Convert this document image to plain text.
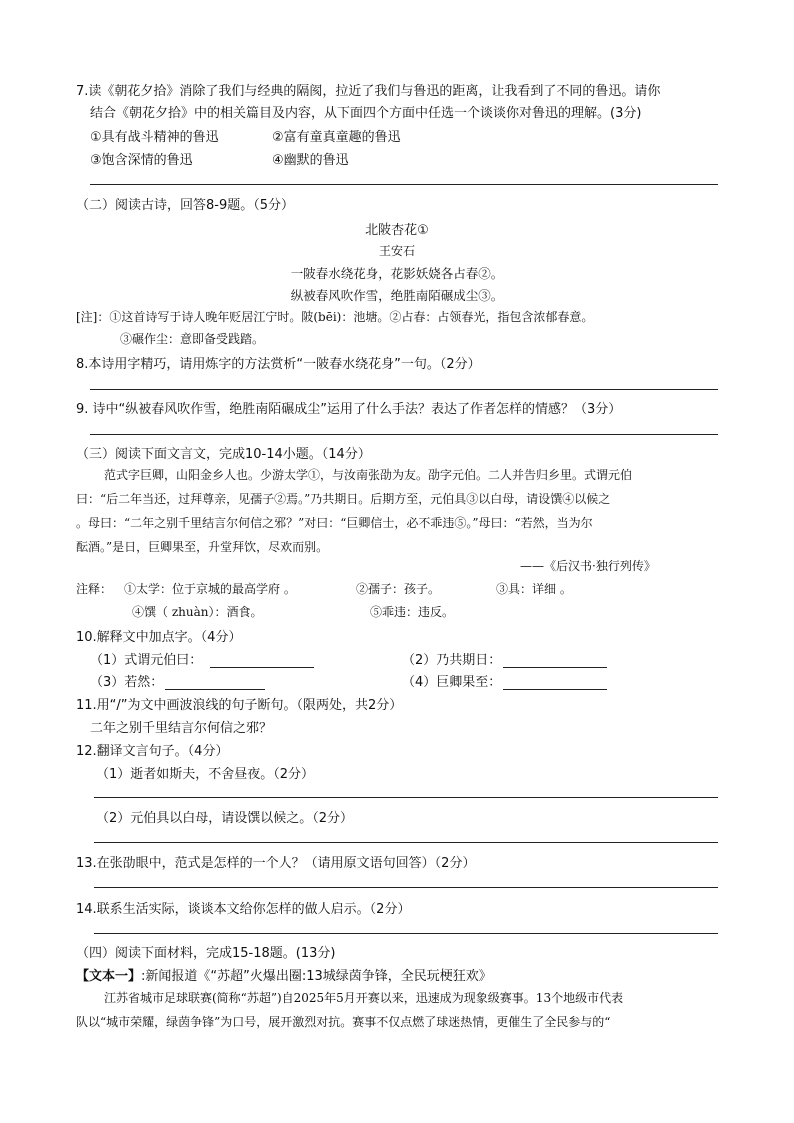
7.读《朝花夕拾》消除了我们与经典的隔阂，拉近了我们与鲁迅的距离，让我看到了不同的鲁迅。请你
结合《朝花夕拾》中的相关篇目及内容，从下面四个方面中任选一个谈谈你对鲁迅的理解。(3分)
①具有战斗精神的鲁迅	②富有童真童趣的鲁迅
③饱含深情的鲁迅	④幽默的鲁迅
（二）阅读古诗，回答8-9题。（5分）
北陂杏花①
王安石
一陂春水绕花身，花影妖娆各占春②。
纵被春风吹作雪，绝胜南陌碾成尘③。
[注]：①这首诗写于诗人晚年贬居江宁时。陂(bēi)：池塘。②占春：占领春光，指包含浓郁春意。
③碾作尘：意即备受践踏。
8.本诗用字精巧，请用炼字的方法赏析“一陂春水绕花身”一句。（2分）
9. 诗中“纵被春风吹作雪，绝胜南陌碾成尘”运用了什么手法？表达了作者怎样的情感？（3分）
（三）阅读下面文言文，完成10-14小题。（14分）
范式字巨卿，山阳金乡人也。少游太学①，与汝南张劭为友。劭字元伯。二人并告归乡里。式谓元伯
曰：“后二年当还，过拜尊亲，见孺子②焉。”乃共期日。后期方至，元伯具③以白母，请设馔④以候之
。母曰：“二年之别千里结言尔何信之邪？”对曰：“巨卿信士，必不乖违⑤。”母曰：“若然，当为尔
酝酒。”是日，巨卿果至，升堂拜饮，尽欢而别。
——《后汉书·独行列传》
注释： ①太学：位于京城的最高学府 。	②孺子：孩子。	③具：详细 。
④馔（ zhuàn）：酒食。	⑤乖违：违反。
10.解释文中加点字。（4分）
（1）式谓元伯曰：	（2）乃共期日：
（3）若然：	（4）巨卿果至：
11.用“/”为文中画波浪线的句子断句。（限两处，共2分）
二年之别千里结言尔何信之邪？
12.翻译文言句子。（4分）
（1）逝者如斯夫，不舍昼夜。（2分）
（2）元伯具以白母，请设馔以候之。（2分）
13.在张劭眼中，范式是怎样的一个人？（请用原文语句回答）（2分）
14.联系生活实际，谈谈本文给你怎样的做人启示。（2分）
（四）阅读下面材料，完成15-18题。(13分)
【文本一】:新闻报道《“苏超”火爆出圈:13城绿茵争锋，全民玩梗狂欢》
江苏省城市足球联赛(简称“苏超”)自2025年5月开赛以来，迅速成为现象级赛事。13个地级市代表
队以“城市荣耀，绿茵争锋”为口号，展开激烈对抗。赛事不仅点燃了球迷热情，更催生了全民参与的“
